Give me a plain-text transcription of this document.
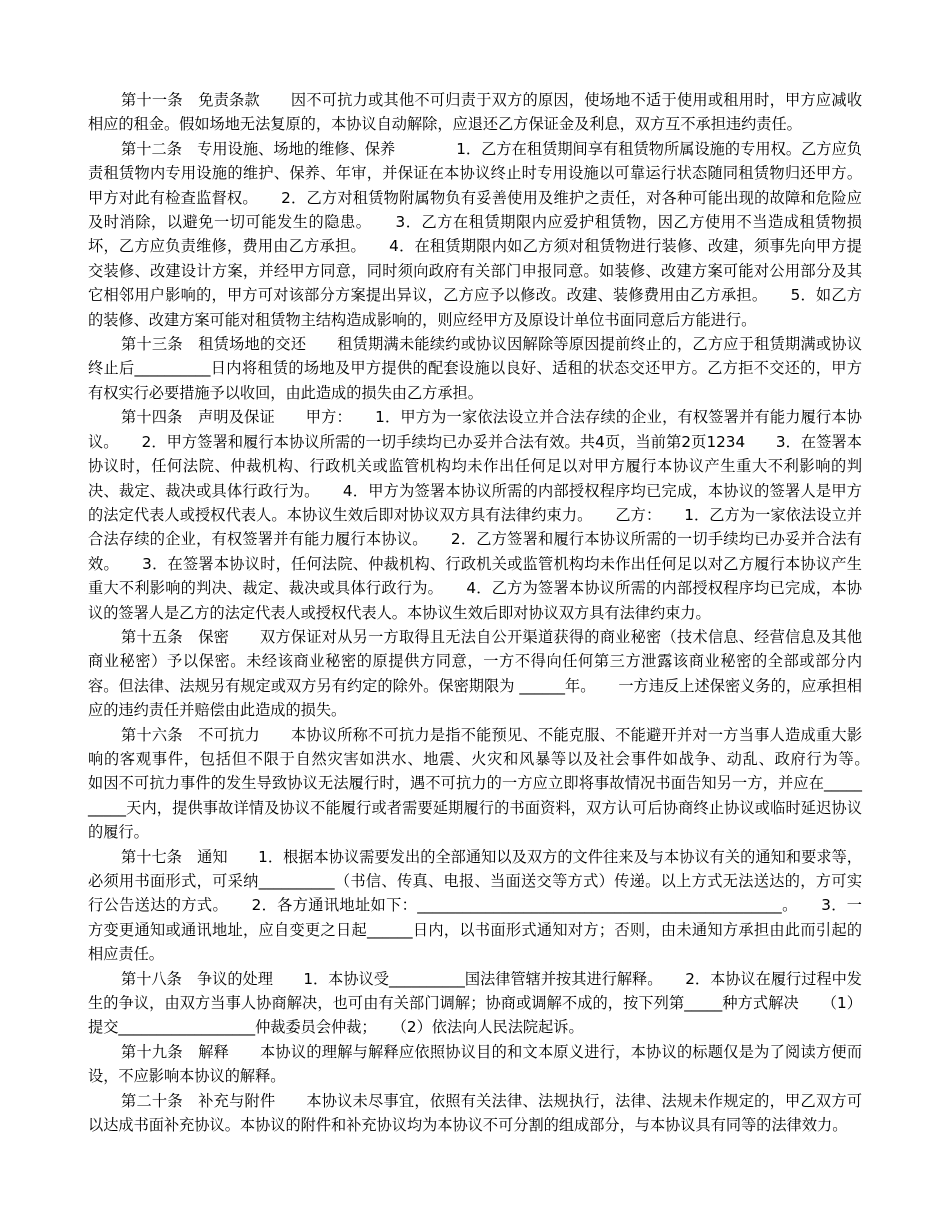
第十一条　免责条款　　因不可抗力或其他不可归责于双方的原因，使场地不适于使用或租用时，甲方应减收相应的租金。假如场地无法复原的，本协议自动解除，应退还乙方保证金及利息，双方互不承担违约责任。

第十二条　专用设施、场地的维修、保养　　　　1．乙方在租赁期间享有租赁物所属设施的专用权。乙方应负责租赁物内专用设施的维护、保养、年审，并保证在本协议终止时专用设施以可靠运行状态随同租赁物归还甲方。甲方对此有检查监督权。　　2．乙方对租赁物附属物负有妥善使用及维护之责任，对各种可能出现的故障和危险应及时消除，以避免一切可能发生的隐患。　　3．乙方在租赁期限内应爱护租赁物，因乙方使用不当造成租赁物损坏，乙方应负责维修，费用由乙方承担。　　4．在租赁期限内如乙方须对租赁物进行装修、改建，须事先向甲方提交装修、改建设计方案，并经甲方同意，同时须向政府有关部门申报同意。如装修、改建方案可能对公用部分及其它相邻用户影响的，甲方可对该部分方案提出异议，乙方应予以修改。改建、装修费用由乙方承担。　　5．如乙方的装修、改建方案可能对租赁物主结构造成影响的，则应经甲方及原设计单位书面同意后方能进行。

第十三条　租赁场地的交还　　租赁期满未能续约或协议因解除等原因提前终止的，乙方应于租赁期满或协议终止后__________日内将租赁的场地及甲方提供的配套设施以良好、适租的状态交还甲方。乙方拒不交还的，甲方有权实行必要措施予以收回，由此造成的损失由乙方承担。

第十四条　声明及保证　　甲方：　　1．甲方为一家依法设立并合法存续的企业，有权签署并有能力履行本协议。　　2．甲方签署和履行本协议所需的一切手续均已办妥并合法有效。共4页，当前第2页1234　　3．在签署本协议时，任何法院、仲裁机构、行政机关或监管机构均未作出任何足以对甲方履行本协议产生重大不利影响的判决、裁定、裁决或具体行政行为。　　4．甲方为签署本协议所需的内部授权程序均已完成，本协议的签署人是甲方的法定代表人或授权代表人。本协议生效后即对协议双方具有法律约束力。　　乙方：　　1．乙方为一家依法设立并合法存续的企业，有权签署并有能力履行本协议。　　2．乙方签署和履行本协议所需的一切手续均已办妥并合法有效。　　3．在签署本协议时，任何法院、仲裁机构、行政机关或监管机构均未作出任何足以对乙方履行本协议产生重大不利影响的判决、裁定、裁决或具体行政行为。　　4．乙方为签署本协议所需的内部授权程序均已完成，本协议的签署人是乙方的法定代表人或授权代表人。本协议生效后即对协议双方具有法律约束力。

第十五条　保密　　双方保证对从另一方取得且无法自公开渠道获得的商业秘密（技术信息、经营信息及其他商业秘密）予以保密。未经该商业秘密的原提供方同意，一方不得向任何第三方泄露该商业秘密的全部或部分内容。但法律、法规另有规定或双方另有约定的除外。保密期限为 ______年。　　一方违反上述保密义务的，应承担相应的违约责任并赔偿由此造成的损失。

第十六条　不可抗力　　本协议所称不可抗力是指不能预见、不能克服、不能避开并对一方当事人造成重大影响的客观事件，包括但不限于自然灾害如洪水、地震、火灾和风暴等以及社会事件如战争、动乱、政府行为等。　　如因不可抗力事件的发生导致协议无法履行时，遇不可抗力的一方应立即将事故情况书面告知另一方，并应在__________天内，提供事故详情及协议不能履行或者需要延期履行的书面资料，双方认可后协商终止协议或临时延迟协议的履行。

第十七条　通知　　1．根据本协议需要发出的全部通知以及双方的文件往来及与本协议有关的通知和要求等，必须用书面形式，可采纳__________（书信、传真、电报、当面送交等方式）传递。以上方式无法送达的，方可实行公告送达的方式。　　2．各方通讯地址如下：________________________________________________。　　3．一方变更通知或通讯地址，应自变更之日起______日内，以书面形式通知对方；否则，由未通知方承担由此而引起的相应责任。

第十八条　争议的处理　　1．本协议受__________国法律管辖并按其进行解释。　　2．本协议在履行过程中发生的争议，由双方当事人协商解决，也可由有关部门调解；协商或调解不成的，按下列第_____种方式解决　　（1）提交__________________仲裁委员会仲裁；　　（2）依法向人民法院起诉。

第十九条　解释　　本协议的理解与解释应依照协议目的和文本原义进行，本协议的标题仅是为了阅读方便而设，不应影响本协议的解释。

第二十条　补充与附件　　本协议未尽事宜，依照有关法律、法规执行，法律、法规未作规定的，甲乙双方可以达成书面补充协议。本协议的附件和补充协议均为本协议不可分割的组成部分，与本协议具有同等的法律效力。
